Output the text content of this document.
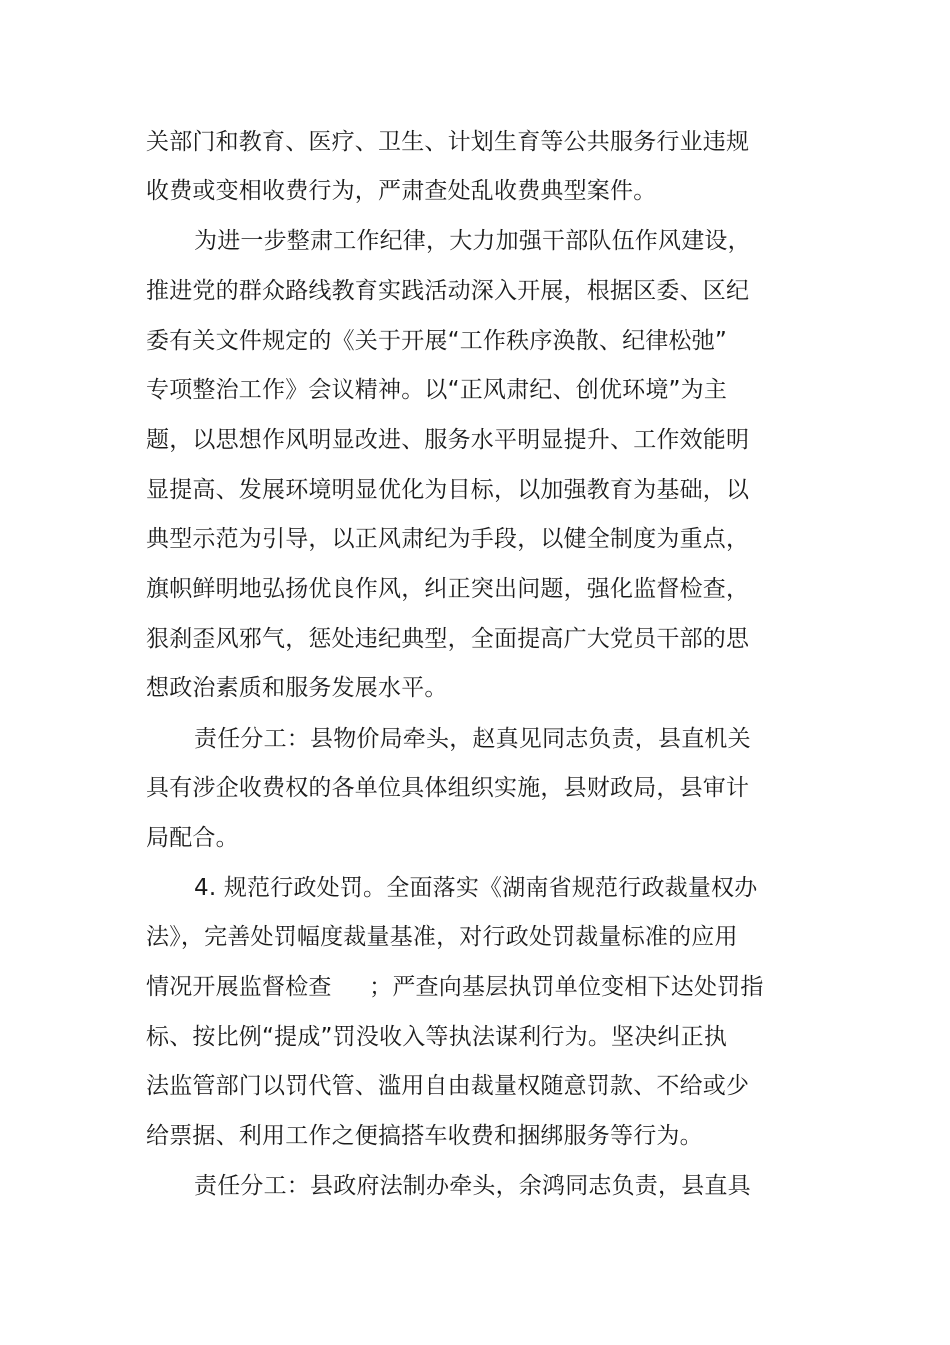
关部门和教育、医疗、卫生、计划生育等公共服务行业违规
收费或变相收费行为，严肃查处乱收费典型案件。
为进一步整肃工作纪律，大力加强干部队伍作风建设，
推进党的群众路线教育实践活动深入开展，根据区委、区纪
委有关文件规定的《关于开展“工作秩序涣散、纪律松弛”
专项整治工作》会议精神。以“正风肃纪、创优环境”为主
题，以思想作风明显改进、服务水平明显提升、工作效能明
显提高、发展环境明显优化为目标，以加强教育为基础，以
典型示范为引导，以正风肃纪为手段，以健全制度为重点，
旗帜鲜明地弘扬优良作风，纠正突出问题，强化监督检查，
狠刹歪风邪气，惩处违纪典型，全面提高广大党员干部的思
想政治素质和服务发展水平。
责任分工：县物价局牵头，赵真见同志负责，县直机关
具有涉企收费权的各单位具体组织实施，县财政局，县审计
局配合。
4. 规范行政处罚。全面落实《湖南省规范行政裁量权办
法》，完善处罚幅度裁量基准，对行政处罚裁量标准的应用
情况开展监督检查     ；严查向基层执罚单位变相下达处罚指
标、按比例“提成”罚没收入等执法谋利行为。坚决纠正执
法监管部门以罚代管、滥用自由裁量权随意罚款、不给或少
给票据、利用工作之便搞搭车收费和捆绑服务等行为。
责任分工：县政府法制办牵头，余鸿同志负责，县直具
